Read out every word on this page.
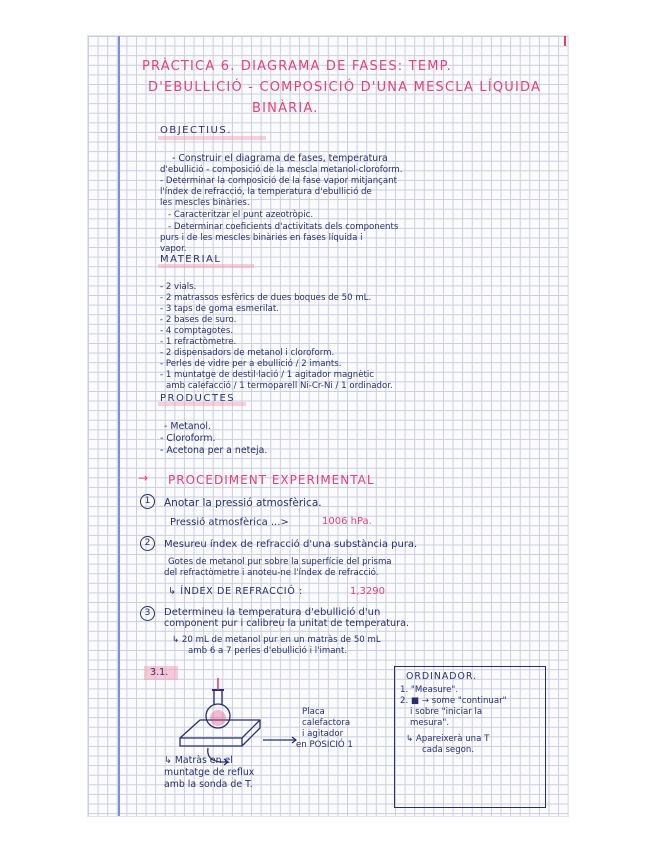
PRÀCTICA 6. DIAGRAMA DE FASES: TEMP.
D'EBULLICIÓ - COMPOSICIÓ D'UNA MESCLA LÍQUIDA
BINÀRIA.
OBJECTIUS.
- Construir el diagrama de fases, temperatura
d'ebullició - composició de la mescla metanol-cloroform.
- Determinar la composició de la fase vapor mitjançant
l'índex de refracció, la temperatura d'ebullició de
les mescles binàries.
- Caracteritzar el punt azeotròpic.
- Determinar coeficients d'activitats dels components
purs i de les mescles binàries en fases líquida i
vapor.
MATERIAL
- 2 vials.
- 2 matrassos esfèrics de dues boques de 50 mL.
- 3 taps de goma esmerilat.
- 2 bases de suro.
- 4 comptagotes.
- 1 refractòmetre.
- 2 dispensadors de metanol i cloroform.
- Perles de vidre per a ebullició / 2 imants.
- 1 muntatge de destil·lació / 1 agitador magnètic
amb calefacció / 1 termoparell Ni-Cr-Ni / 1 ordinador.
PRODUCTES
- Metanol.
- Cloroform.
- Acetona per a neteja.
→ PROCEDIMENT EXPERIMENTAL
1	Anotar la pressió atmosfèrica.
Pressió atmosfèrica ...>	1006 hPa.
2	Mesureu índex de refracció d'una substància pura.
Gotes de metanol pur sobre la superfície del prisma
del refractòmetre i anoteu-ne l'índex de refracció.
↳ ÍNDEX DE REFRACCIÓ :	1,3290
3	Determineu la temperatura d'ebullició d'un
component pur i calibreu la unitat de temperatura.
↳ 20 mL de metanol pur en un matràs de 50 mL
amb 6 a 7 perles d'ebullició i l'imant.
3.1.
Placa
calefactora
i agitador
en POSICIÓ 1
↳ Matràs en el
muntatge de reflux
amb la sonda de T.
ORDINADOR.
1. "Measure".
2. ■ → some "continuar"
i sobre "iniciar la
mesura".
↳ Apareixerà una T
cada segon.
